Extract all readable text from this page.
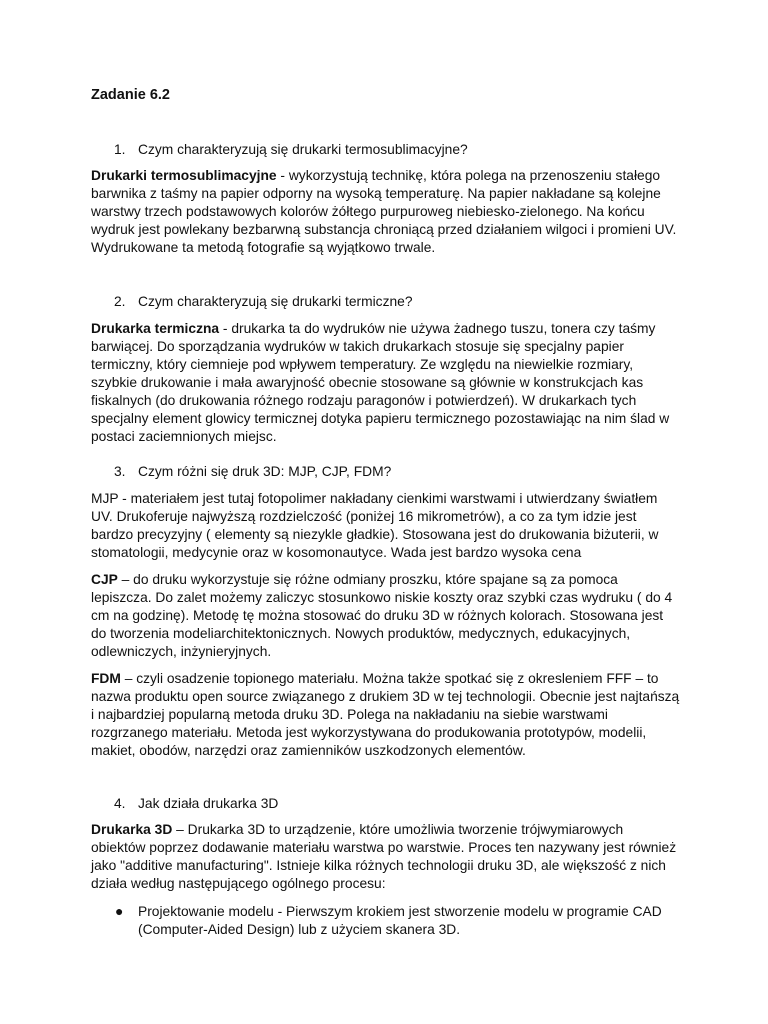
Zadanie 6.2
1. Czym charakteryzują się drukarki termosublimacyjne?
Drukarki termosublimacyjne - wykorzystują technikę, która polega na przenoszeniu stałego barwnika z taśmy na papier odporny na wysoką temperaturę. Na papier nakładane są kolejne warstwy trzech podstawowych kolorów żółtego purpuroweg niebiesko-zielonego. Na końcu wydruk jest powlekany bezbarwną substancja chroniącą przed działaniem wilgoci i promieni UV. Wydrukowane ta metodą fotografie są wyjątkowo trwale.
2. Czym charakteryzują się drukarki termiczne?
Drukarka termiczna - drukarka ta do wydruków nie używa żadnego tuszu, tonera czy taśmy barwiącej. Do sporządzania wydruków w takich drukarkach stosuje się specjalny papier termiczny, który ciemnieje pod wpływem temperatury. Ze względu na niewielkie rozmiary, szybkie drukowanie i mała awaryjność obecnie stosowane są głównie w konstrukcjach kas fiskalnych (do drukowania różnego rodzaju paragonów i potwierdzeń). W drukarkach tych specjalny element glowicy termicznej dotyka papieru termicznego pozostawiając na nim ślad w postaci zaciemnionych miejsc.
3. Czym różni się druk 3D: MJP, CJP, FDM?
MJP - materiałem jest tutaj fotopolimer nakładany cienkimi warstwami i utwierdzany światłem UV. Drukoferuje najwyższą rozdzielczość (poniżej 16 mikrometrów), a co za tym idzie jest bardzo precyzyjny ( elementy są niezykle gładkie). Stosowana jest do drukowania biżuterii, w stomatologii, medycynie oraz w kosomonautyce. Wada jest bardzo wysoka cena
CJP – do druku wykorzystuje się różne odmiany proszku, które spajane są za pomoca lepiszcza. Do zalet możemy zaliczyc stosunkowo niskie koszty oraz szybki czas wydruku ( do 4 cm na godzinę). Metodę tę można stosować do druku 3D w różnych kolorach. Stosowana jest do tworzenia modeliarchitektonicznych. Nowych produktów, medycznych, edukacyjnych, odlewniczych, inżynieryjnych.
FDM – czyli osadzenie topionego materiału. Można także spotkać się z okresleniem FFF – to nazwa produktu open source związanego z drukiem 3D w tej technologii. Obecnie jest najtańszą i najbardziej popularną metoda druku 3D. Polega na nakładaniu na siebie warstwami rozgrzanego materiału. Metoda jest wykorzystywana do produkowania prototypów, modelii, makiet, obodów, narzędzi oraz zamienników uszkodzonych elementów.
4. Jak działa drukarka 3D
Drukarka 3D – Drukarka 3D to urządzenie, które umożliwia tworzenie trójwymiarowych obiektów poprzez dodawanie materiału warstwa po warstwie. Proces ten nazywany jest również jako "additive manufacturing". Istnieje kilka różnych technologii druku 3D, ale większość z nich działa według następującego ogólnego procesu:
● Projektowanie modelu - Pierwszym krokiem jest stworzenie modelu w programie CAD (Computer-Aided Design) lub z użyciem skanera 3D.
